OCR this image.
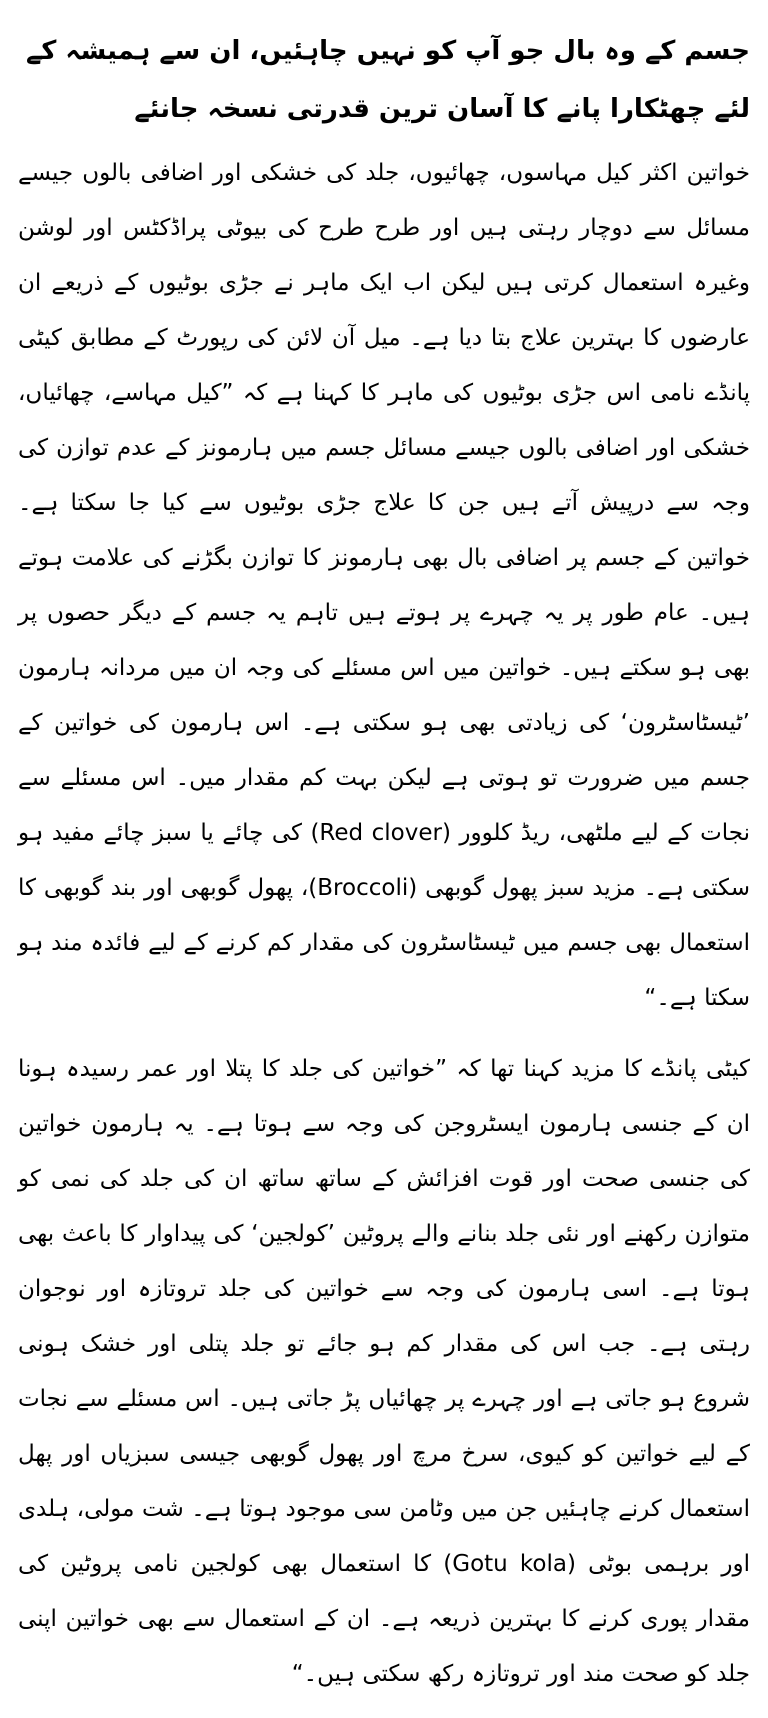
جسم کے وہ بال جو آپ کو نہیں چاہئیں، ان سے ہمیشہ کے لئے چھٹکارا پانے کا آسان ترین قدرتی نسخہ جانئے

خواتین اکثر کیل مہاسوں، چھائیوں، جلد کی خشکی اور اضافی بالوں جیسے مسائل سے دوچار رہتی ہیں اور طرح طرح کی بیوٹی پراڈکٹس اور لوشن وغیرہ استعمال کرتی ہیں لیکن اب ایک ماہر نے جڑی بوٹیوں کے ذریعے ان عارضوں کا بہترین علاج بتا دیا ہے۔ میل آن لائن کی رپورٹ کے مطابق کیٹی پانڈے نامی اس جڑی بوٹیوں کی ماہر کا کہنا ہے کہ ”کیل مہاسے، چھائیاں، خشکی اور اضافی بالوں جیسے مسائل جسم میں ہارمونز کے عدم توازن کی وجہ سے درپیش آتے ہیں جن کا علاج جڑی بوٹیوں سے کیا جا سکتا ہے۔ خواتین کے جسم پر اضافی بال بھی ہارمونز کا توازن بگڑنے کی علامت ہوتے ہیں۔ عام طور پر یہ چہرے پر ہوتے ہیں تاہم یہ جسم کے دیگر حصوں پر بھی ہو سکتے ہیں۔ خواتین میں اس مسئلے کی وجہ ان میں مردانہ ہارمون ’ٹیسٹاسٹرون‘ کی زیادتی بھی ہو سکتی ہے۔ اس ہارمون کی خواتین کے جسم میں ضرورت تو ہوتی ہے لیکن بہت کم مقدار میں۔ اس مسئلے سے نجات کے لیے ملٹھی، ریڈ کلوور (Red clover) کی چائے یا سبز چائے مفید ہو سکتی ہے۔ مزید سبز پھول گوبھی (Broccoli)، پھول گوبھی اور بند گوبھی کا استعمال بھی جسم میں ٹیسٹاسٹرون کی مقدار کم کرنے کے لیے فائدہ مند ہو سکتا ہے۔“

کیٹی پانڈے کا مزید کہنا تھا کہ ”خواتین کی جلد کا پتلا اور عمر رسیدہ ہونا ان کے جنسی ہارمون ایسٹروجن کی وجہ سے ہوتا ہے۔ یہ ہارمون خواتین کی جنسی صحت اور قوت افزائش کے ساتھ ساتھ ان کی جلد کی نمی کو متوازن رکھنے اور نئی جلد بنانے والے پروٹین ’کولجین‘ کی پیداوار کا باعث بھی ہوتا ہے۔ اسی ہارمون کی وجہ سے خواتین کی جلد تروتازہ اور نوجوان رہتی ہے۔ جب اس کی مقدار کم ہو جائے تو جلد پتلی اور خشک ہونی شروع ہو جاتی ہے اور چہرے پر چھائیاں پڑ جاتی ہیں۔ اس مسئلے سے نجات کے لیے خواتین کو کیوی، سرخ مرچ اور پھول گوبھی جیسی سبزیاں اور پھل استعمال کرنے چاہئیں جن میں وٹامن سی موجود ہوتا ہے۔ شت مولی، ہلدی اور برہمی بوٹی (Gotu kola) کا استعمال بھی کولجین نامی پروٹین کی مقدار پوری کرنے کا بہترین ذریعہ ہے۔ ان کے استعمال سے بھی خواتین اپنی جلد کو صحت مند اور تروتازہ رکھ سکتی ہیں۔“
